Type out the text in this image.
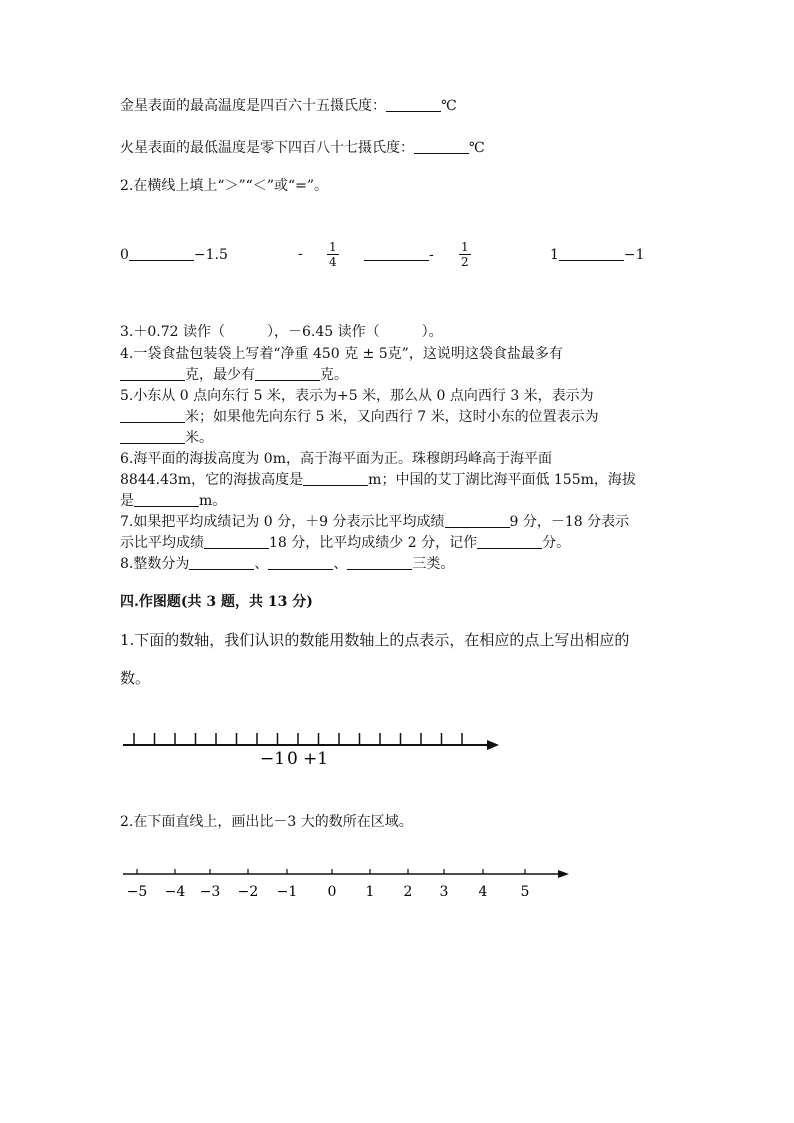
金星表面的最高温度是四百六十五摄氏度：	℃
火星表面的最低温度是零下四百八十七摄氏度：	℃
2.在横线上填上“＞”“＜”或“=”。
0	−1.5	- $\frac{1}{4}$	- $\frac{1}{2}$	1	−1
3.＋0.72 读作（　　　），－6.45 读作（　　　）。
4.一袋食盐包装袋上写着“净重 450 克 ± 5克”，这说明这袋食盐最多有
克，最少有	克。
5.小东从 0 点向东行 5 米，表示为+5 米，那么从 0 点向西行 3 米，表示为
米；如果他先向东行 5 米，又向西行 7 米，这时小东的位置表示为
米。
6.海平面的海拔高度为 0m，高于海平面为正。珠穆朗玛峰高于海平面
8844.43m，它的海拔高度是	m；中国的艾丁湖比海平面低 155m，海拔
是	m。
7.如果把平均成绩记为 0 分，＋9 分表示比平均成绩	9 分，－18 分表示
示比平均成绩	18 分，比平均成绩少 2 分，记作	分。
8.整数分为	、	、	三类。
四.作图题(共 3 题，共 13 分)
1.下面的数轴，我们认识的数能用数轴上的点表示，在相应的点上写出相应的
数。
−1 0 +1
2.在下面直线上，画出比－3 大的数所在区域。
−5 −4 −3 −2 −1 0 1 2 3 4 5
